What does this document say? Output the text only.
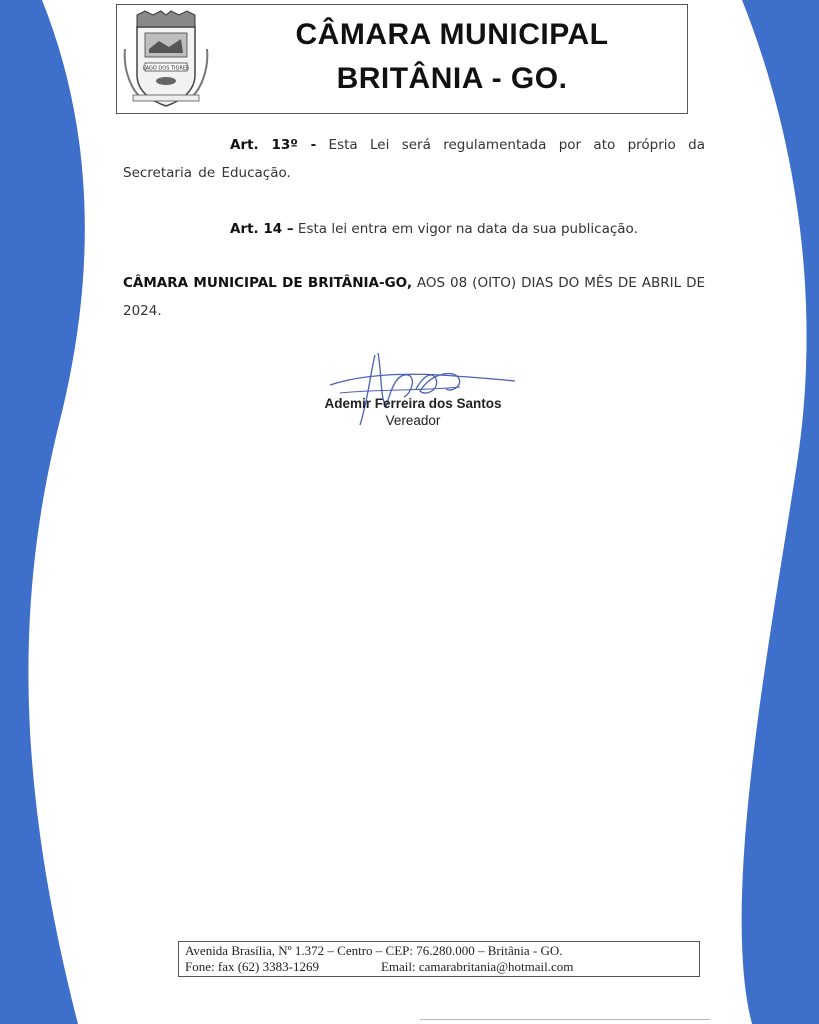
LAGO DOS TIGRES
CÂMARA MUNICIPAL
BRITÂNIA - GO.
Art. 13º - Esta Lei será regulamentada por ato próprio da Secretaria de Educação.
Art. 14 – Esta lei entra em vigor na data da sua publicação.
CÂMARA MUNICIPAL DE BRITÂNIA-GO, AOS 08 (OITO) DIAS DO MÊS DE ABRIL DE 2024.
Ademir Ferreira dos Santos
Vereador
Avenida Brasília, Nº 1.372 – Centro – CEP: 76.280.000 – Britânia - GO.
Fone: fax (62) 3383-1269	Email: camarabritania@hotmail.com
